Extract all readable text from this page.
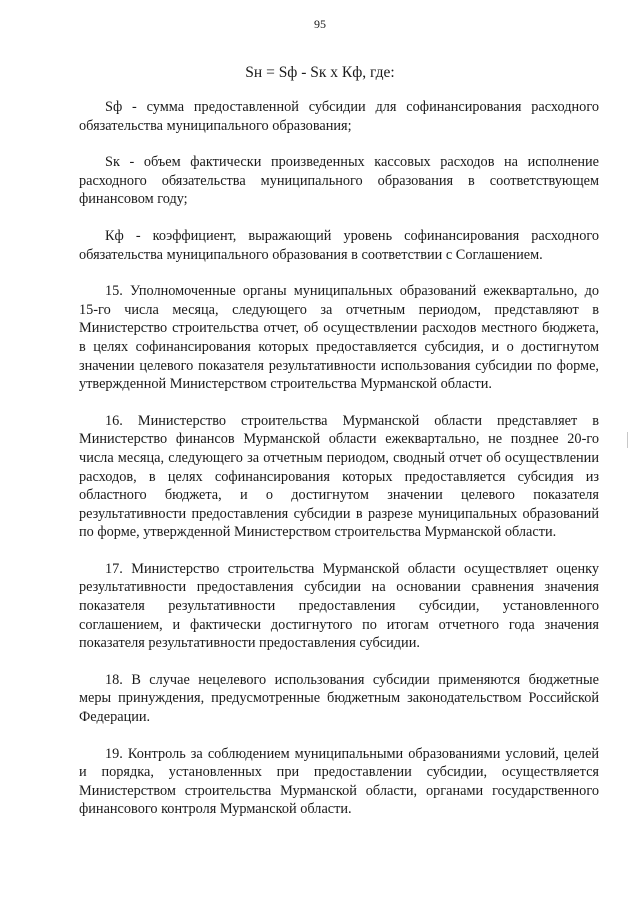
95
Sн = Sф - Sк х Кф, где:

Sф - сумма предоставленной субсидии для софинансирования расходного обязательства муниципального образования;

Sк - объем фактически произведенных кассовых расходов на исполнение расходного обязательства муниципального образования в соответствующем финансовом году;

Кф - коэффициент, выражающий уровень софинансирования расходного обязательства муниципального образования в соответствии с Соглашением.

15. Уполномоченные органы муниципальных образований ежеквартально, до 15-го числа месяца, следующего за отчетным периодом, представляют в Министерство строительства отчет, об осуществлении расходов местного бюджета, в целях софинансирования которых предоставляется субсидия, и о достигнутом значении целевого показателя результативности использования субсидии по форме, утвержденной Министерством строительства Мурманской области.

16. Министерство строительства Мурманской области представляет в Министерство финансов Мурманской области ежеквартально, не позднее 20-го числа месяца, следующего за отчетным периодом, сводный отчет об осуществлении расходов, в целях софинансирования которых предоставляется субсидия из областного бюджета, и о достигнутом значении целевого показателя результативности предоставления субсидии в разрезе муниципальных образований по форме, утвержденной Министерством строительства Мурманской области.

17. Министерство строительства Мурманской области осуществляет оценку результативности предоставления субсидии на основании сравнения значения показателя результативности предоставления субсидии, установленного соглашением, и фактически достигнутого по итогам отчетного года значения показателя результативности предоставления субсидии.

18. В случае нецелевого использования субсидии применяются бюджетные меры принуждения, предусмотренные бюджетным законодательством Российской Федерации.

19. Контроль за соблюдением муниципальными образованиями условий, целей и порядка, установленных при предоставлении субсидии, осуществляется Министерством строительства Мурманской области, органами государственного финансового контроля Мурманской области.
